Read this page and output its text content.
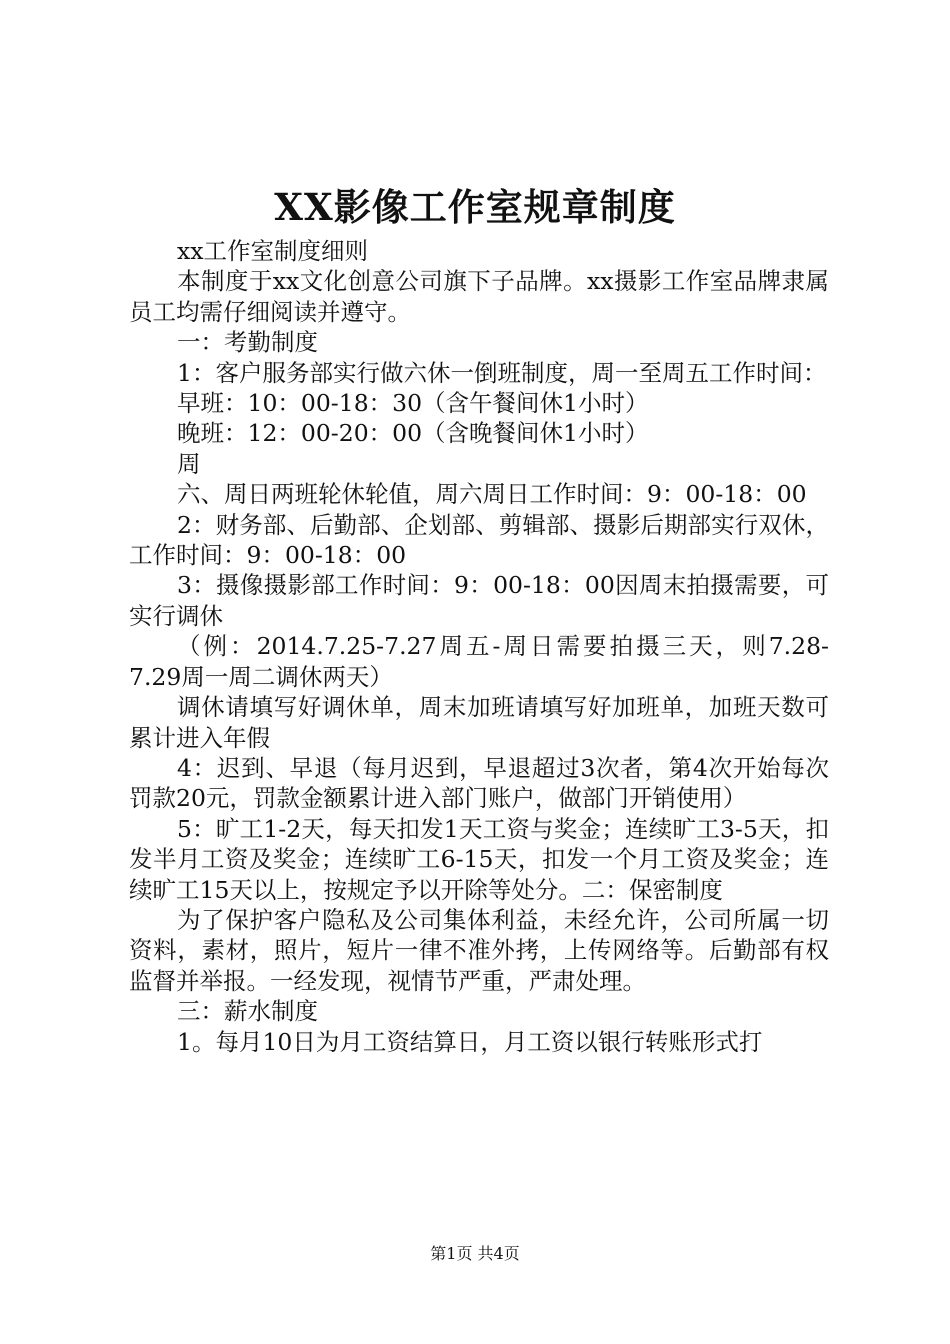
XX影像工作室规章制度

xx工作室制度细则

本制度于xx文化创意公司旗下子品牌。xx摄影工作室品牌隶属员工均需仔细阅读并遵守。

一：考勤制度

1：客户服务部实行做六休一倒班制度，周一至周五工作时间：

早班：10：00-18：30（含午餐间休1小时）

晚班：12：00-20：00（含晚餐间休1小时）

周

六、周日两班轮休轮值，周六周日工作时间：9：00-18：00

2：财务部、后勤部、企划部、剪辑部、摄影后期部实行双休，工作时间：9：00-18：00

3：摄像摄影部工作时间：9：00-18：00因周末拍摄需要，可实行调休

（例：2014.7.25-7.27周五-周日需要拍摄三天，则7.28-7.29周一周二调休两天）

调休请填写好调休单，周末加班请填写好加班单，加班天数可累计进入年假

4：迟到、早退（每月迟到，早退超过3次者，第4次开始每次罚款20元，罚款金额累计进入部门账户，做部门开销使用）

5：旷工1-2天，每天扣发1天工资与奖金；连续旷工3-5天，扣发半月工资及奖金；连续旷工6-15天，扣发一个月工资及奖金；连续旷工15天以上，按规定予以开除等处分。二：保密制度

为了保护客户隐私及公司集体利益，未经允许，公司所属一切资料，素材，照片，短片一律不准外拷，上传网络等。后勤部有权监督并举报。一经发现，视情节严重，严肃处理。

三：薪水制度

1。每月10日为月工资结算日，月工资以银行转账形式打

第1页 共4页
